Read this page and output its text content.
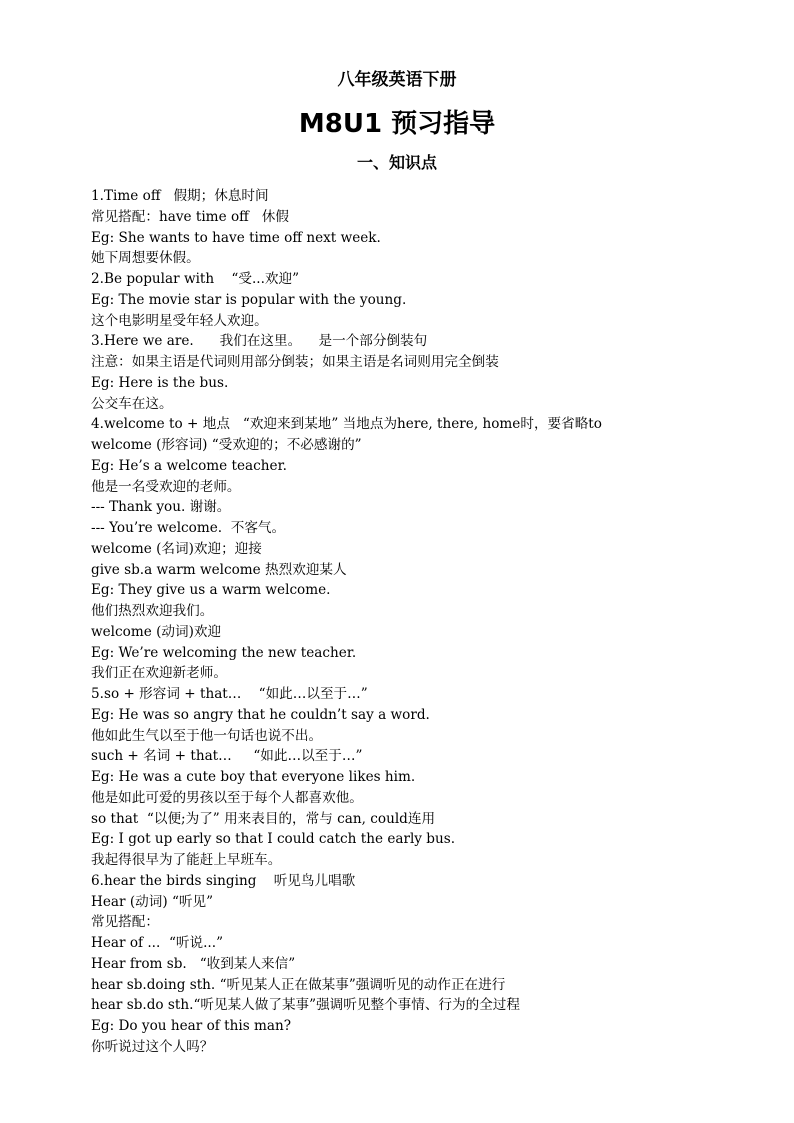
八年级英语下册
M8U1 预习指导
一、知识点
1.Time off   假期；休息时间
常见搭配：have time off   休假
Eg: She wants to have time off next week.
她下周想要休假。
2.Be popular with    “受...欢迎”
Eg: The movie star is popular with the young.
这个电影明星受年轻人欢迎。
3.Here we are.      我们在这里。    是一个部分倒装句
注意：如果主语是代词则用部分倒装；如果主语是名词则用完全倒装
Eg: Here is the bus.
公交车在这。
4.welcome to + 地点   “欢迎来到某地” 当地点为here, there, home时，要省略to
welcome (形容词) “受欢迎的；不必感谢的”
Eg: He’s a welcome teacher.
他是一名受欢迎的老师。
--- Thank you. 谢谢。
--- You’re welcome.  不客气。
welcome (名词)欢迎；迎接
give sb.a warm welcome 热烈欢迎某人
Eg: They give us a warm welcome.
他们热烈欢迎我们。
welcome (动词)欢迎
Eg: We’re welcoming the new teacher.
我们正在欢迎新老师。
5.so + 形容词 + that…    “如此…以至于…”
Eg: He was so angry that he couldn’t say a word.
他如此生气以至于他一句话也说不出。
such + 名词 + that…     “如此…以至于…”
Eg: He was a cute boy that everyone likes him.
他是如此可爱的男孩以至于每个人都喜欢他。
so that  “以便;为了” 用来表目的，常与 can, could连用
Eg: I got up early so that I could catch the early bus.
我起得很早为了能赶上早班车。
6.hear the birds singing    听见鸟儿唱歌
Hear (动词) “听见”
常见搭配：
Hear of ...  “听说...”
Hear from sb.   “收到某人来信”
hear sb.doing sth. “听见某人正在做某事”强调听见的动作正在进行
hear sb.do sth.“听见某人做了某事”强调听见整个事情、行为的全过程
Eg: Do you hear of this man?
你听说过这个人吗？
